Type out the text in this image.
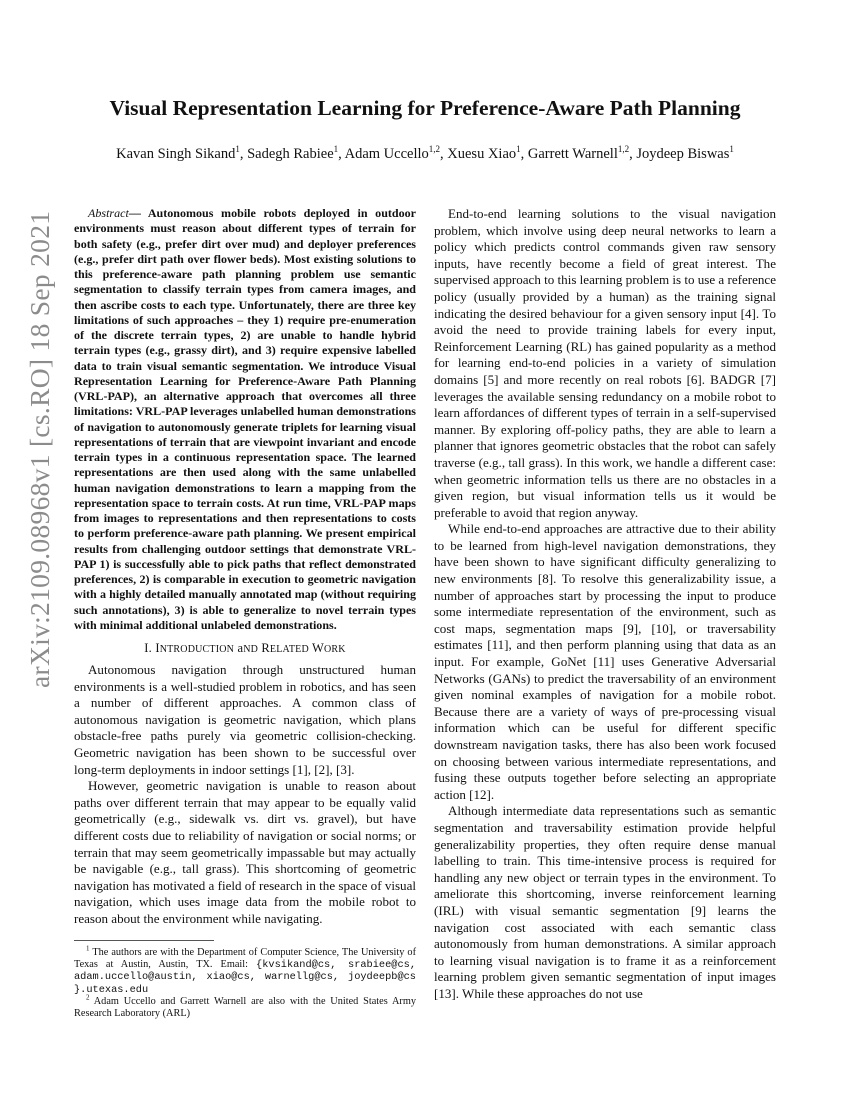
arXiv:2109.08968v1 [cs.RO] 18 Sep 2021
Visual Representation Learning for Preference-Aware Path Planning
Kavan Singh Sikand$^1$, Sadegh Rabiee$^1$, Adam Uccello$^{1,2}$, Xuesu Xiao$^1$, Garrett Warnell$^{1,2}$, Joydeep Biswas$^1$

Abstract— Autonomous mobile robots deployed in outdoor environments must reason about different types of terrain for both safety (e.g., prefer dirt over mud) and deployer preferences (e.g., prefer dirt path over flower beds). Most existing solutions to this preference-aware path planning problem use semantic segmentation to classify terrain types from camera images, and then ascribe costs to each type. Unfortunately, there are three key limitations of such approaches – they 1) require pre-enumeration of the discrete terrain types, 2) are unable to handle hybrid terrain types (e.g., grassy dirt), and 3) require expensive labelled data to train visual semantic segmentation. We introduce Visual Representation Learning for Preference-Aware Path Planning (VRL-PAP), an alternative approach that overcomes all three limitations: VRL-PAP leverages unlabelled human demonstrations of navigation to autonomously generate triplets for learning visual representations of terrain that are viewpoint invariant and encode terrain types in a continuous representation space. The learned representations are then used along with the same unlabelled human navigation demonstrations to learn a mapping from the representation space to terrain costs. At run time, VRL-PAP maps from images to representations and then representations to costs to perform preference-aware path planning. We present empirical results from challenging outdoor settings that demonstrate VRL-PAP 1) is successfully able to pick paths that reflect demonstrated preferences, 2) is comparable in execution to geometric navigation with a highly detailed manually annotated map (without requiring such annotations), 3) is able to generalize to novel terrain types with minimal additional unlabeled demonstrations.

I. INTRODUCTION aND RELATED WORK

Autonomous navigation through unstructured human environments is a well-studied problem in robotics, and has seen a number of different approaches. A common class of autonomous navigation is geometric navigation, which plans obstacle-free paths purely via geometric collision-checking. Geometric navigation has been shown to be successful over long-term deployments in indoor settings [1], [2], [3].

However, geometric navigation is unable to reason about paths over different terrain that may appear to be equally valid geometrically (e.g., sidewalk vs. dirt vs. gravel), but have different costs due to reliability of navigation or social norms; or terrain that may seem geometrically impassable but may actually be navigable (e.g., tall grass). This shortcoming of geometric navigation has motivated a field of research in the space of visual navigation, which uses image data from the mobile robot to reason about the environment while navigating.

End-to-end learning solutions to the visual navigation problem, which involve using deep neural networks to learn a policy which predicts control commands given raw sensory inputs, have recently become a field of great interest. The supervised approach to this learning problem is to use a reference policy (usually provided by a human) as the training signal indicating the desired behaviour for a given sensory input [4]. To avoid the need to provide training labels for every input, Reinforcement Learning (RL) has gained popularity as a method for learning end-to-end policies in a variety of simulation domains [5] and more recently on real robots [6]. BADGR [7] leverages the available sensing redundancy on a mobile robot to learn affordances of different types of terrain in a self-supervised manner. By exploring off-policy paths, they are able to learn a planner that ignores geometric obstacles that the robot can safely traverse (e.g., tall grass). In this work, we handle a different case: when geometric information tells us there are no obstacles in a given region, but visual information tells us it would be preferable to avoid that region anyway.

While end-to-end approaches are attractive due to their ability to be learned from high-level navigation demonstrations, they have been shown to have significant difficulty generalizing to new environments [8]. To resolve this generalizability issue, a number of approaches start by processing the input to produce some intermediate representation of the environment, such as cost maps, segmentation maps [9], [10], or traversability estimates [11], and then perform planning using that data as an input. For example, GoNet [11] uses Generative Adversarial Networks (GANs) to predict the traversability of an environment given nominal examples of navigation for a mobile robot. Because there are a variety of ways of pre-processing visual information which can be useful for different specific downstream navigation tasks, there has also been work focused on choosing between various intermediate representations, and fusing these outputs together before selecting an appropriate action [12].

Although intermediate data representations such as semantic segmentation and traversability estimation provide helpful generalizability properties, they often require dense manual labelling to train. This time-intensive process is required for handling any new object or terrain types in the environment. To ameliorate this shortcoming, inverse reinforcement learning (IRL) with visual semantic segmentation [9] learns the navigation cost associated with each semantic class autonomously from human demonstrations. A similar approach to learning visual navigation is to frame it as a reinforcement learning problem given semantic segmentation of input images [13]. While these approaches do not use

$^1$ The authors are with the Department of Computer Science, The University of Texas at Austin, Austin, TX. Email: {kvsikand@cs, srabiee@cs, adam.uccello@austin, xiao@cs, warnellg@cs, joydeepb@cs }.utexas.edu

$^2$ Adam Uccello and Garrett Warnell are also with the United States Army Research Laboratory (ARL)
